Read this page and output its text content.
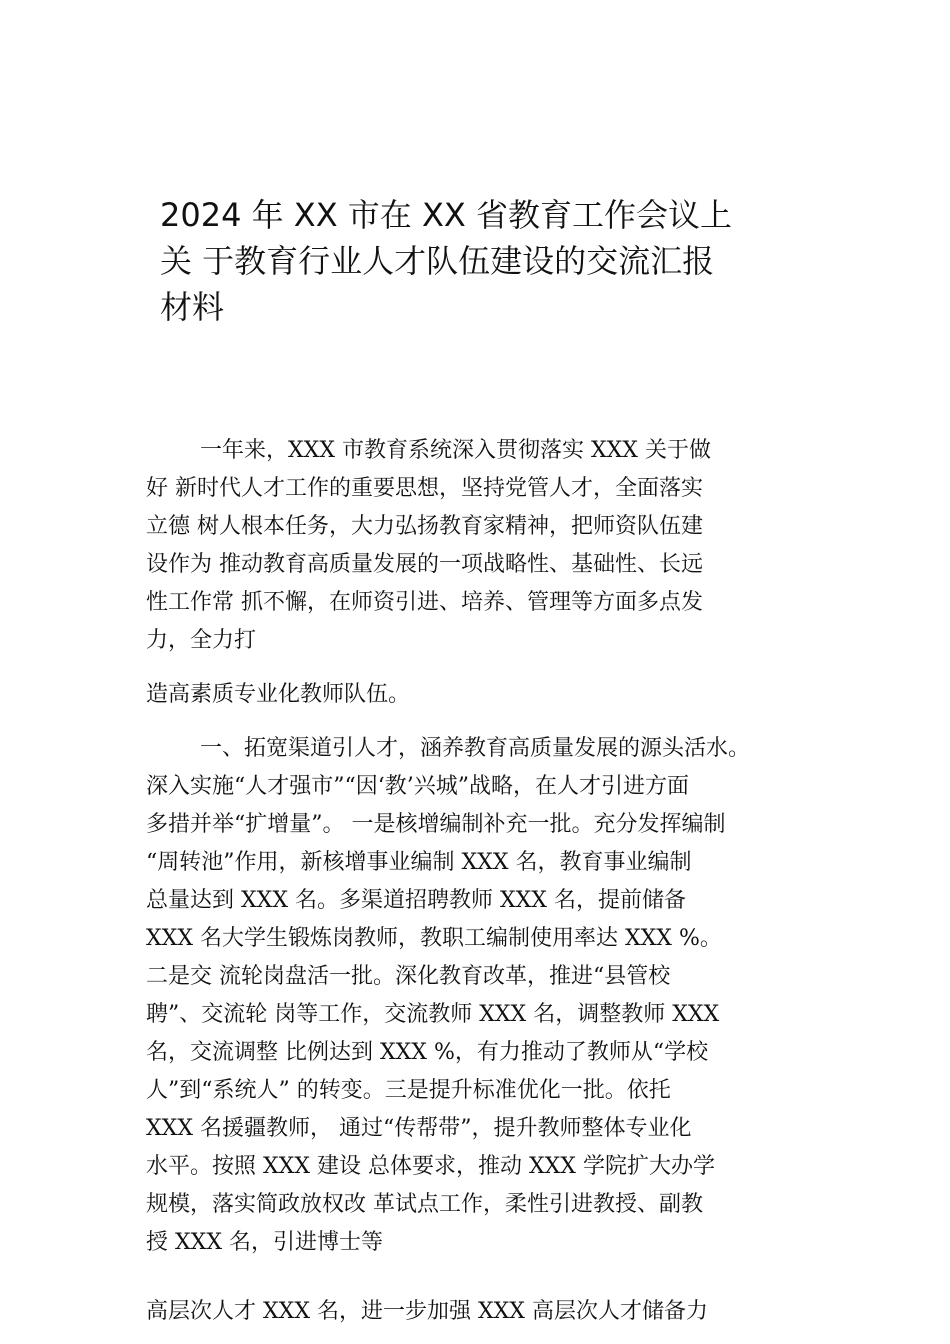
2024 年 XX 市在 XX 省教育工作会议上
关 于教育行业人才队伍建设的交流汇报
材料
一年来，XXX 市教育系统深入贯彻落实 XXX 关于做
好 新时代人才工作的重要思想，坚持党管人才，全面落实
立德 树人根本任务，大力弘扬教育家精神，把师资队伍建
设作为 推动教育高质量发展的一项战略性、基础性、长远
性工作常 抓不懈，在师资引进、培养、管理等方面多点发
力，全力打
造高素质专业化教师队伍。
一、拓宽渠道引人才，涵养教育高质量发展的源头活水。
深入实施“人才强市”“因‘教’兴城”战略，在人才引进方面
多措并举“扩增量”。 一是核增编制补充一批。充分发挥编制
“周转池”作用，新核增事业编制 XXX 名，教育事业编制
总量达到 XXX 名。多渠道招聘教师 XXX 名，提前储备
XXX 名大学生锻炼岗教师，教职工编制使用率达 XXX %。
二是交 流轮岗盘活一批。深化教育改革，推进“县管校
聘”、交流轮 岗等工作，交流教师 XXX 名，调整教师 XXX
名，交流调整 比例达到 XXX %，有力推动了教师从“学校
人”到“系统人” 的转变。三是提升标准优化一批。依托
XXX 名援疆教师， 通过“传帮带”，提升教师整体专业化
水平。按照 XXX 建设 总体要求，推动 XXX 学院扩大办学
规模，落实简政放权改 革试点工作，柔性引进教授、副教
授 XXX 名，引进博士等
高层次人才 XXX 名，进一步加强 XXX 高层次人才储备力
